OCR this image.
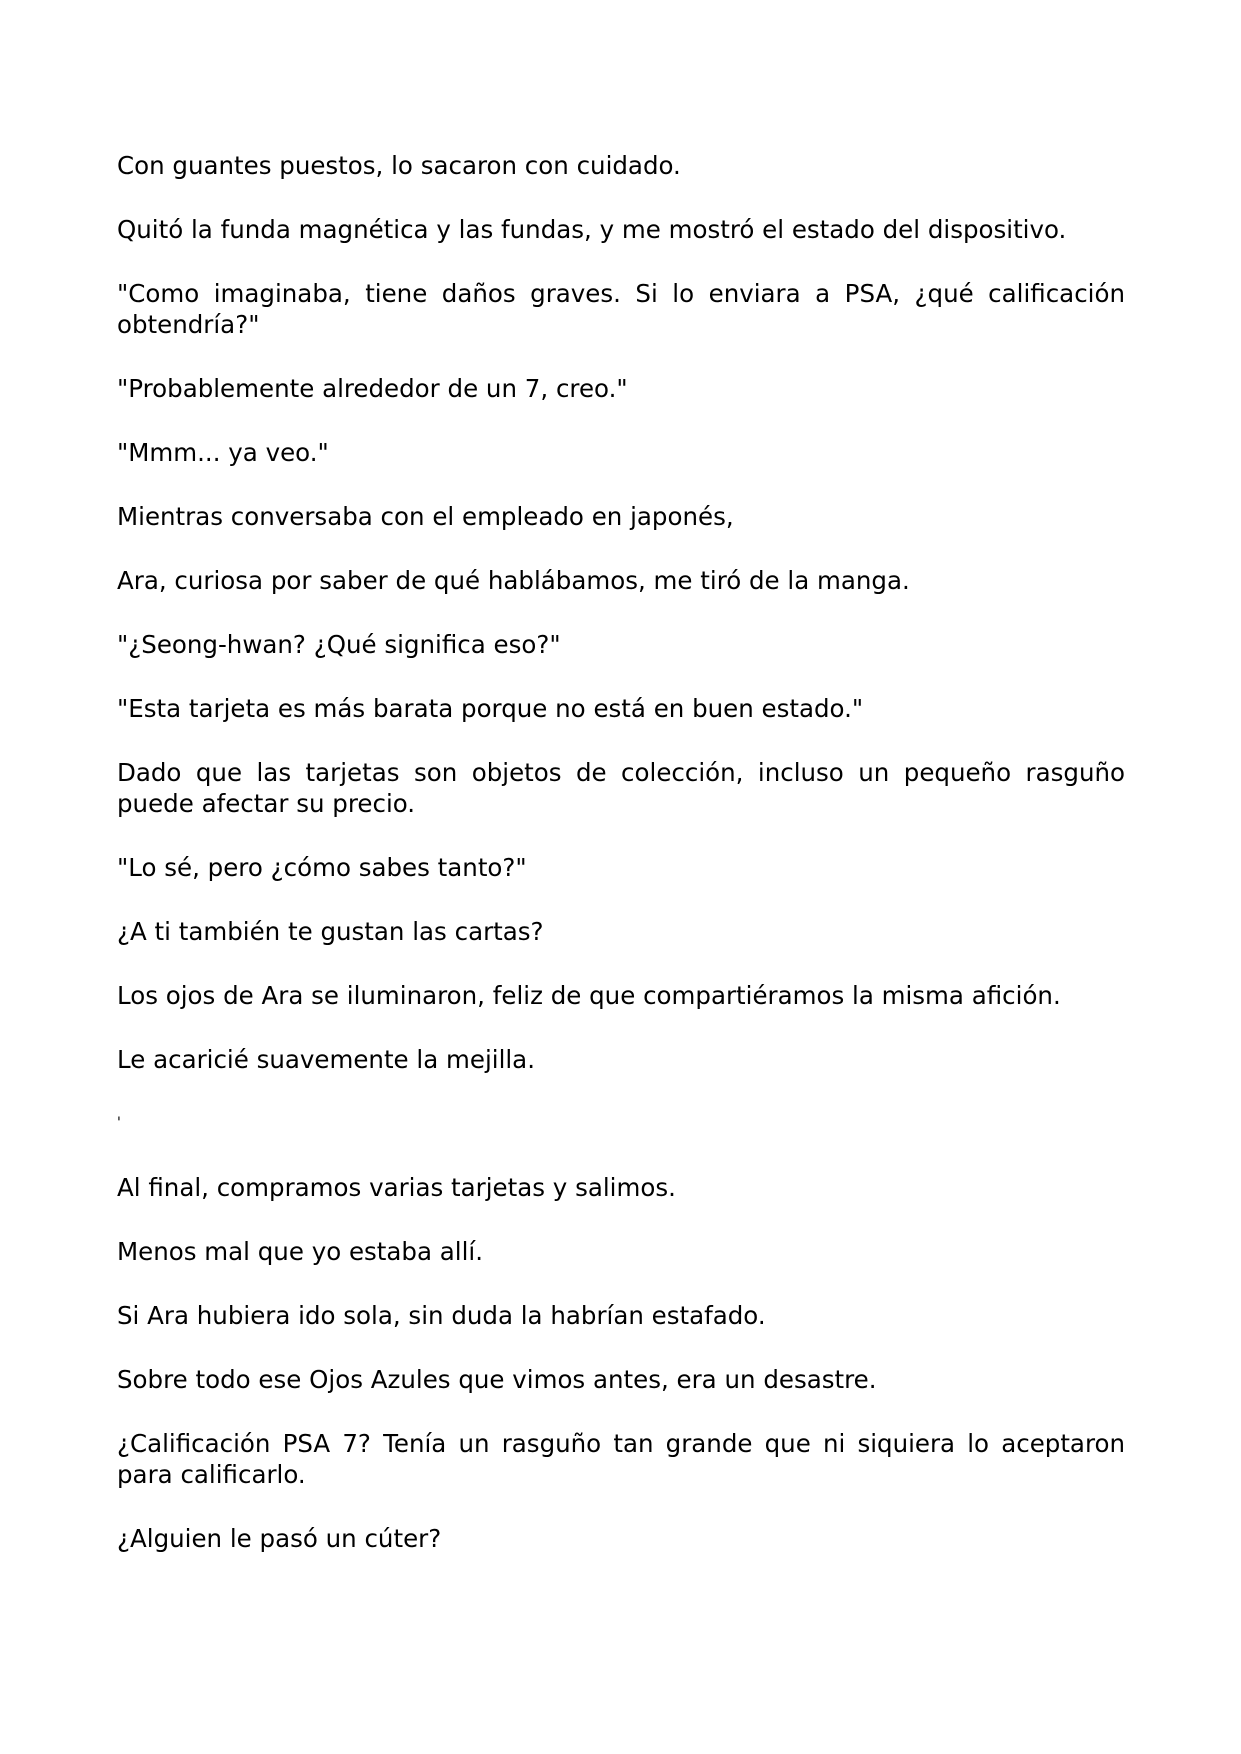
Con guantes puestos, lo sacaron con cuidado.

Quitó la funda magnética y las fundas, y me mostró el estado del dispositivo.

"Como imaginaba, tiene daños graves. Si lo enviara a PSA, ¿qué calificación obtendría?"

"Probablemente alrededor de un 7, creo."

"Mmm... ya veo."

Mientras conversaba con el empleado en japonés,

Ara, curiosa por saber de qué hablábamos, me tiró de la manga.

"¿Seong-hwan? ¿Qué significa eso?"

"Esta tarjeta es más barata porque no está en buen estado."

Dado que las tarjetas son objetos de colección, incluso un pequeño rasguño puede afectar su precio.

"Lo sé, pero ¿cómo sabes tanto?"

¿A ti también te gustan las cartas?

Los ojos de Ara se iluminaron, feliz de que compartiéramos la misma afición.

Le acaricié suavemente la mejilla.

'

Al final, compramos varias tarjetas y salimos.

Menos mal que yo estaba allí.

Si Ara hubiera ido sola, sin duda la habrían estafado.

Sobre todo ese Ojos Azules que vimos antes, era un desastre.

¿Calificación PSA 7? Tenía un rasguño tan grande que ni siquiera lo aceptaron para calificarlo.

¿Alguien le pasó un cúter?
